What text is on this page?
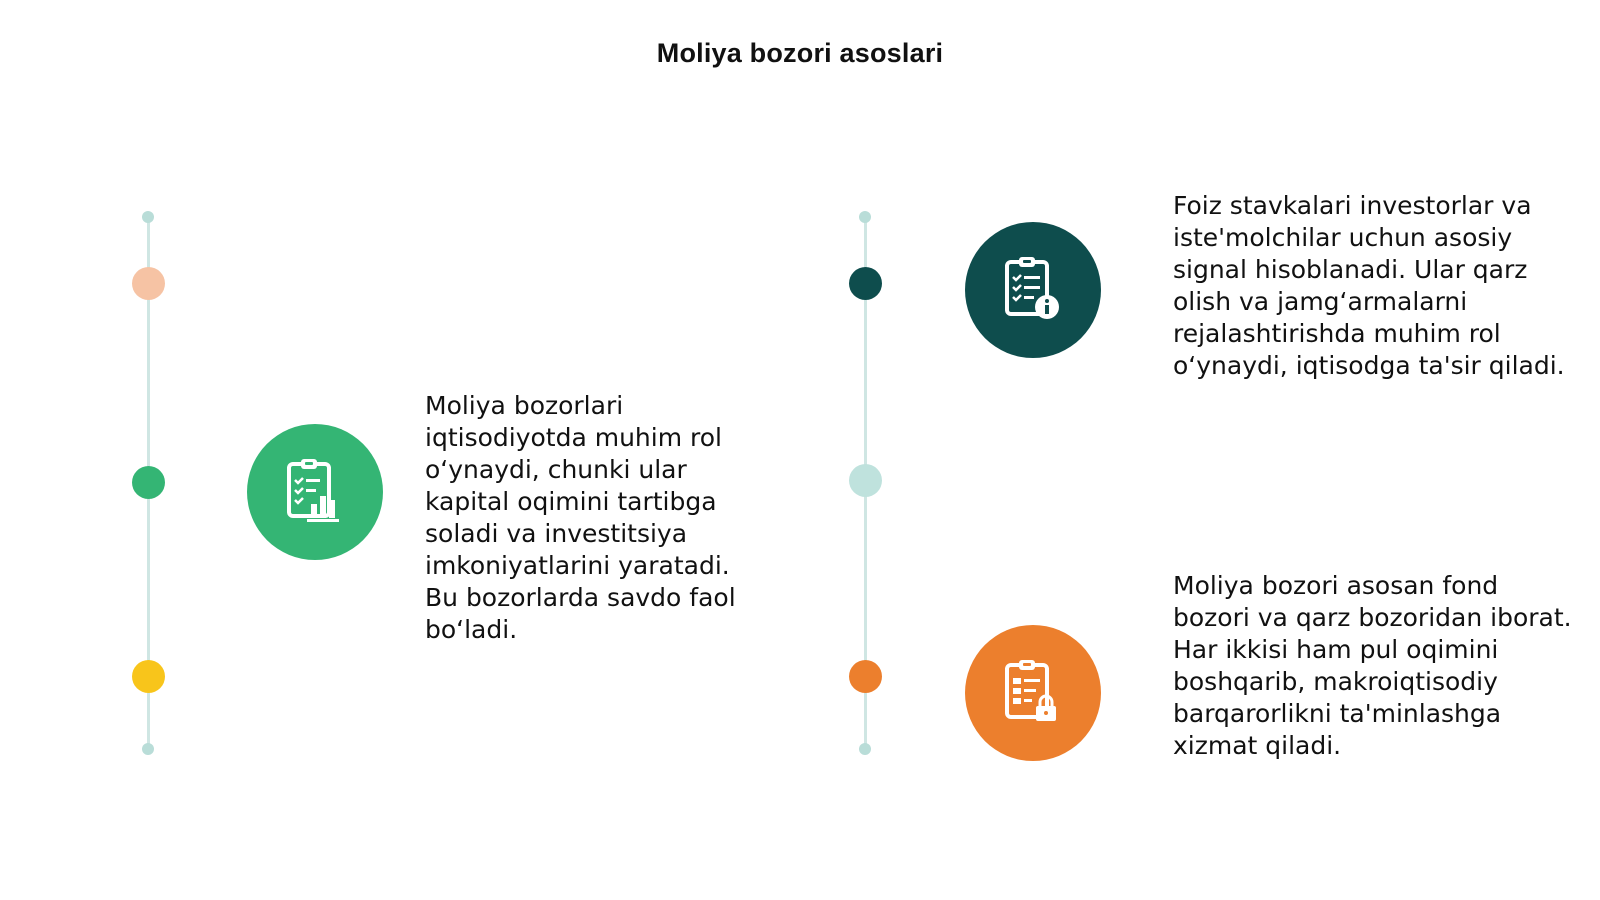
Moliya bozori asoslari

Moliya bozorlari iqtisodiyotda muhim rol o‘ynaydi, chunki ular kapital oqimini tartibga soladi va investitsiya imkoniyatlarini yaratadi. Bu bozorlarda savdo faol bo‘ladi.

Foiz stavkalari investorlar va iste'molchilar uchun asosiy signal hisoblanadi. Ular qarz olish va jamg‘armalarni rejalashtirishda muhim rol o‘ynaydi, iqtisodga ta'sir qiladi.

Moliya bozori asosan fond bozori va qarz bozoridan iborat. Har ikkisi ham pul oqimini boshqarib, makroiqtisodiy barqarorlikni ta'minlashga xizmat qiladi.
